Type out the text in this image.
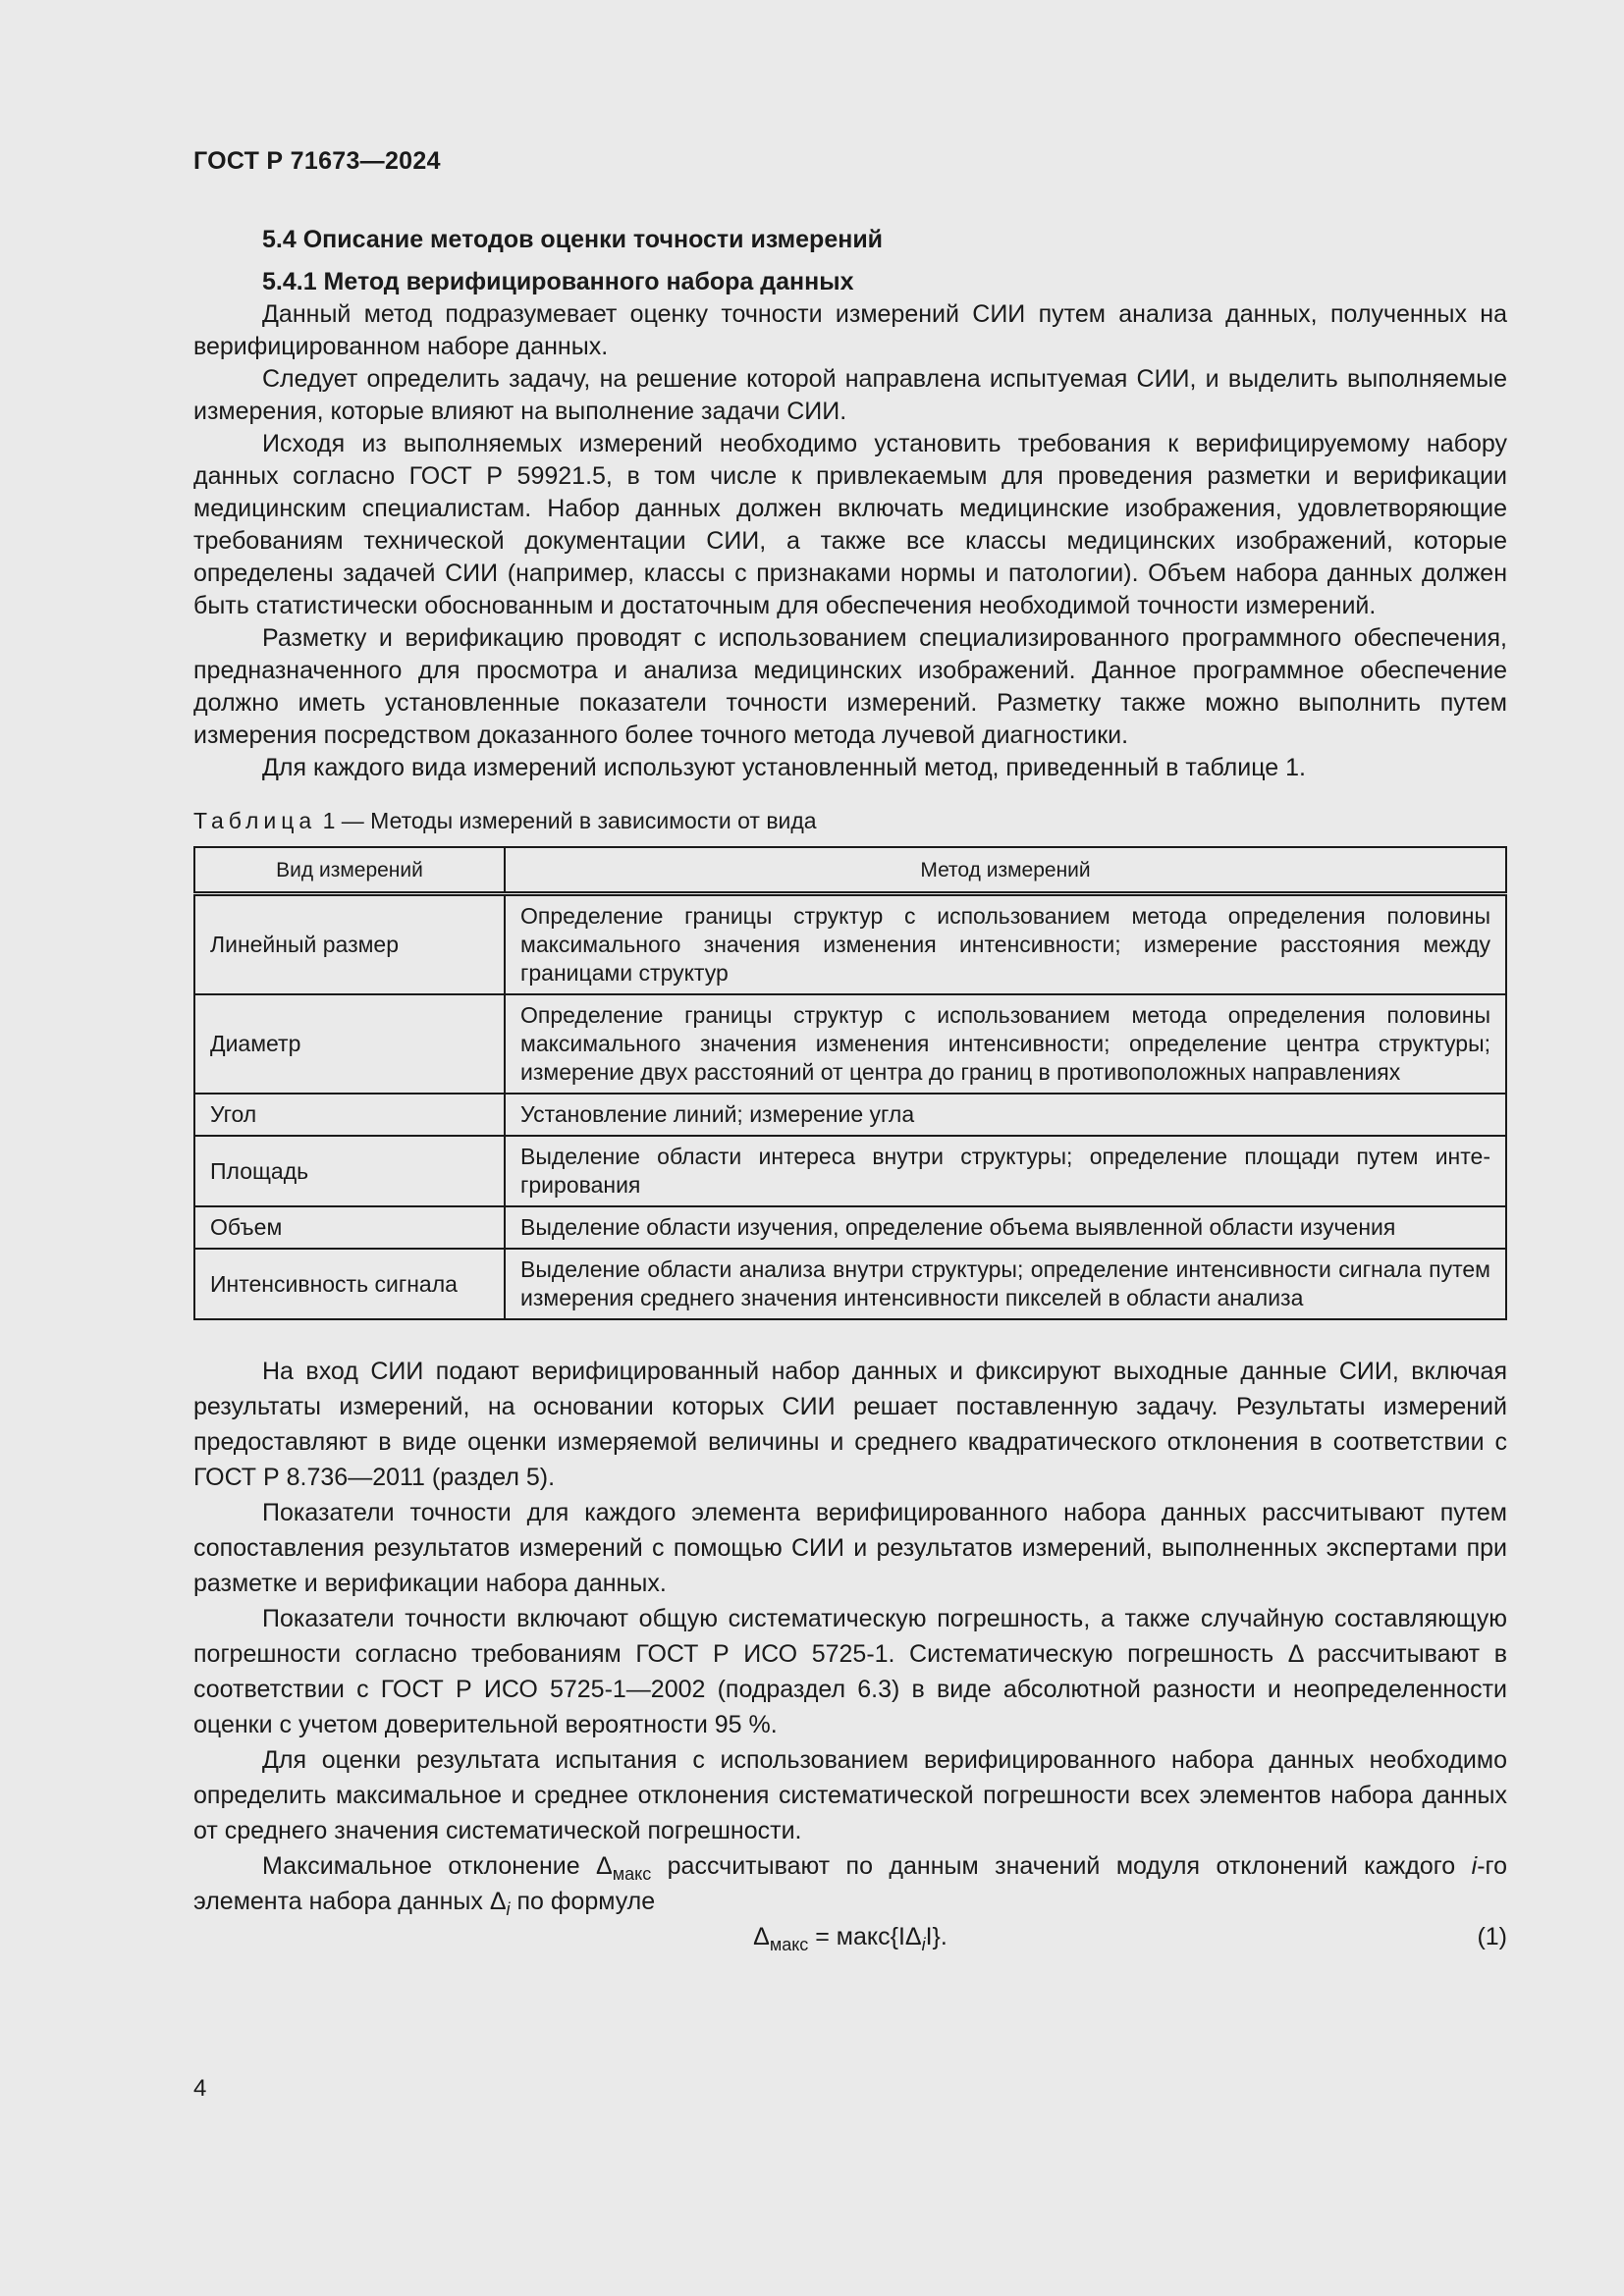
ГОСТ Р 71673—2024
5.4 Описание методов оценки точности измерений
5.4.1 Метод верифицированного набора данных

Данный метод подразумевает оценку точности измерений СИИ путем анализа данных, полученных на верифицированном наборе данных.

Следует определить задачу, на решение которой направлена испытуемая СИИ, и выделить выполняемые измерения, которые влияют на выполнение задачи СИИ.

Исходя из выполняемых измерений необходимо установить требования к верифицируемому набору данных согласно ГОСТ Р 59921.5, в том числе к привлекаемым для проведения разметки и верификации медицинским специалистам. Набор данных должен включать медицинские изображения, удовлетворяющие требованиям технической документации СИИ, а также все классы медицинских изображений, которые определены задачей СИИ (например, классы с признаками нормы и патологии). Объем набора данных должен быть статистически обоснованным и достаточным для обеспечения необходимой точности измерений.

Разметку и верификацию проводят с использованием специализированного программного обеспечения, предназначенного для просмотра и анализа медицинских изображений. Данное программное обеспечение должно иметь установленные показатели точности измерений. Разметку также можно выполнить путем измерения посредством доказанного более точного метода лучевой диагностики.

Для каждого вида измерений используют установленный метод, приведенный в таблице 1.

Таблица 1 — Методы измерений в зависимости от вида
Вид измерений	Метод измерений
Линейный размер	Определение границы структур с использованием метода определения половины максимального значения изменения интенсивности; измерение расстояния между границами структур
Диаметр	Определение границы структур с использованием метода определения половины максимального значения изменения интенсивности; определение центра структуры; измерение двух расстояний от центра до границ в противоположных направлениях
Угол	Установление линий; измерение угла
Площадь	Выделение области интереса внутри структуры; определение площади путем интегрирования
Объем	Выделение области изучения, определение объема выявленной области изучения
Интенсивность сигнала	Выделение области анализа внутри структуры; определение интенсивности сигнала путем измерения среднего значения интенсивности пикселей в области анализа

На вход СИИ подают верифицированный набор данных и фиксируют выходные данные СИИ, включая результаты измерений, на основании которых СИИ решает поставленную задачу. Результаты измерений предоставляют в виде оценки измеряемой величины и среднего квадратического отклонения в соответствии с ГОСТ Р 8.736—2011 (раздел 5).

Показатели точности для каждого элемента верифицированного набора данных рассчитывают путем сопоставления результатов измерений с помощью СИИ и результатов измерений, выполненных экспертами при разметке и верификации набора данных.

Показатели точности включают общую систематическую погрешность, а также случайную составляющую погрешности согласно требованиям ГОСТ Р ИСО 5725-1. Систематическую погрешность Δ рассчитывают в соответствии с ГОСТ Р ИСО 5725-1—2002 (подраздел 6.3) в виде абсолютной разности и неопределенности оценки с учетом доверительной вероятности 95 %.

Для оценки результата испытания с использованием верифицированного набора данных необходимо определить максимальное и среднее отклонения систематической погрешности всех элементов набора данных от среднего значения систематической погрешности.

Максимальное отклонение $\Delta_{макс}$ рассчитывают по данным значений модуля отклонений каждого i-го элемента набора данных $\Delta_i$ по формуле

$\Delta_{макс}$ = $макс\{I\Delta_iI\}$.	(1)
4
